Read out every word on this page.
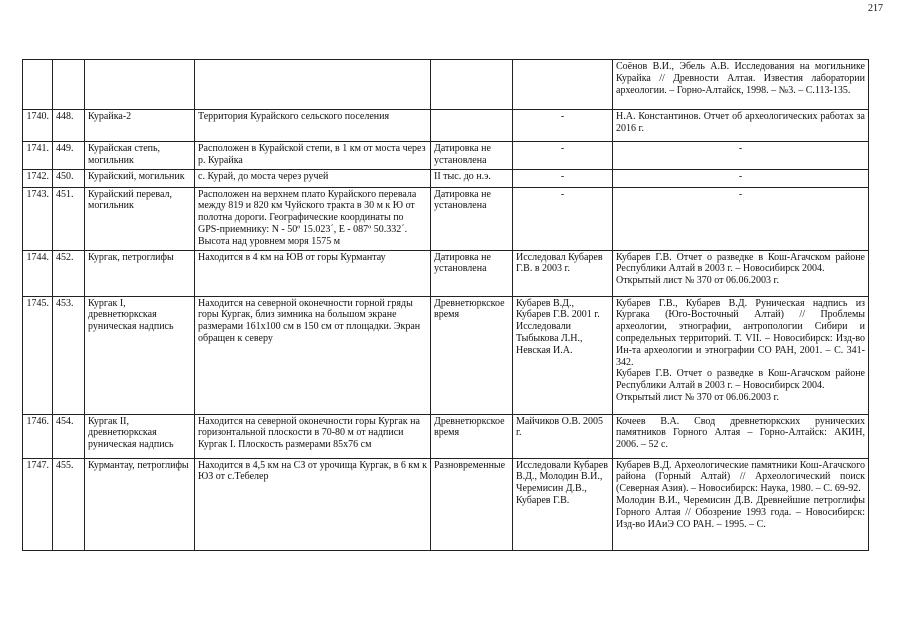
217

						Соёнов В.И., Эбель А.В. Исследования на могильнике Курайка // Древности Алтая. Известия лаборатории археологии. – Горно-Алтайск, 1998. – №3. – С.113-135.

1740.	448.	Курайка-2	Территория Курайского сельского поселения		-	Н.А. Константинов. Отчет об археологических работах за 2016 г.

1741.	449.	Курайская степь, могильник	Расположен в Курайской степи, в 1 км от моста через р. Курайка	Датировка не установлена	-	-

1742.	450.	Курайский, могильник	с. Курай, до моста через ручей	II тыс. до н.э.	-	-

1743.	451.	Курайский перевал, могильник	Расположен на верхнем плато Курайского перевала между 819 и 820 км Чуйского тракта в 30 м к Ю от полотна дороги. Географические координаты по GPS-приемнику: N - 50º 15.023´, E - 087º 50.332´. Высота над уровнем моря 1575 м	Датировка не установлена	-	-

1744.	452.	Кургак, петроглифы	Находится в 4 км на ЮВ от горы Курмантау	Датировка не установлена	Исследовал Кубарев Г.В. в 2003 г.	Кубарев Г.В. Отчет о разведке в Кош-Агачском районе Республики Алтай в 2003 г. – Новосибирск 2004.
Открытый лист № 370 от 06.06.2003 г.

1745.	453.	Кургак I, древнетюркская руническая надпись	Находится на северной оконечности горной гряды горы Кургак, близ зимника на большом экране размерами 161х100 см в 150 см от площадки. Экран обращен к северу	Древнетюркское время	Кубарев В.Д., Кубарев Г.В. 2001 г. Исследовали Тыбыкова Л.Н., Невская И.А.	Кубарев Г.В., Кубарев В.Д. Руническая надпись из Кургака (Юго-Восточный Алтай) // Проблемы археологии, этнографии, антропологии Сибири и сопредельных территорий. Т. VII. – Новосибирск: Изд-во Ин-та археологии и этнографии СО РАН, 2001. – С. 341-342.
Кубарев Г.В. Отчет о разведке в Кош-Агачском районе Республики Алтай в 2003 г. – Новосибирск 2004.
Открытый лист № 370 от 06.06.2003 г.

1746.	454.	Кургак II, древнетюркская руническая надпись	Находится на северной оконечности горы Кургак на горизонтальной плоскости в 70-80 м от надписи Кургак I. Плоскость размерами 85х76 см	Древнетюркское время	Майчиков О.В. 2005 г.	Кочеев В.А. Свод древнетюркских рунических памятников Горного Алтая – Горно-Алтайск: АКИН, 2006. – 52 с.

1747.	455.	Курмантау, петроглифы	Находится в 4,5 км на СЗ от урочища Кургак, в 6 км к ЮЗ от с.Тебелер	Разновременные	Исследовали Кубарев В.Д., Молодин В.И., Черемисин Д.В., Кубарев Г.В.	Кубарев В.Д. Археологические памятники Кош-Агачского района (Горный Алтай) // Археологический поиск (Северная Азия). – Новосибирск: Наука, 1980. – С. 69-92.
Молодин В.И., Черемисин Д.В. Древнейшие петроглифы Горного Алтая // Обозрение 1993 года. – Новосибирск: Изд-во ИАиЭ СО РАН. – 1995. – С.
